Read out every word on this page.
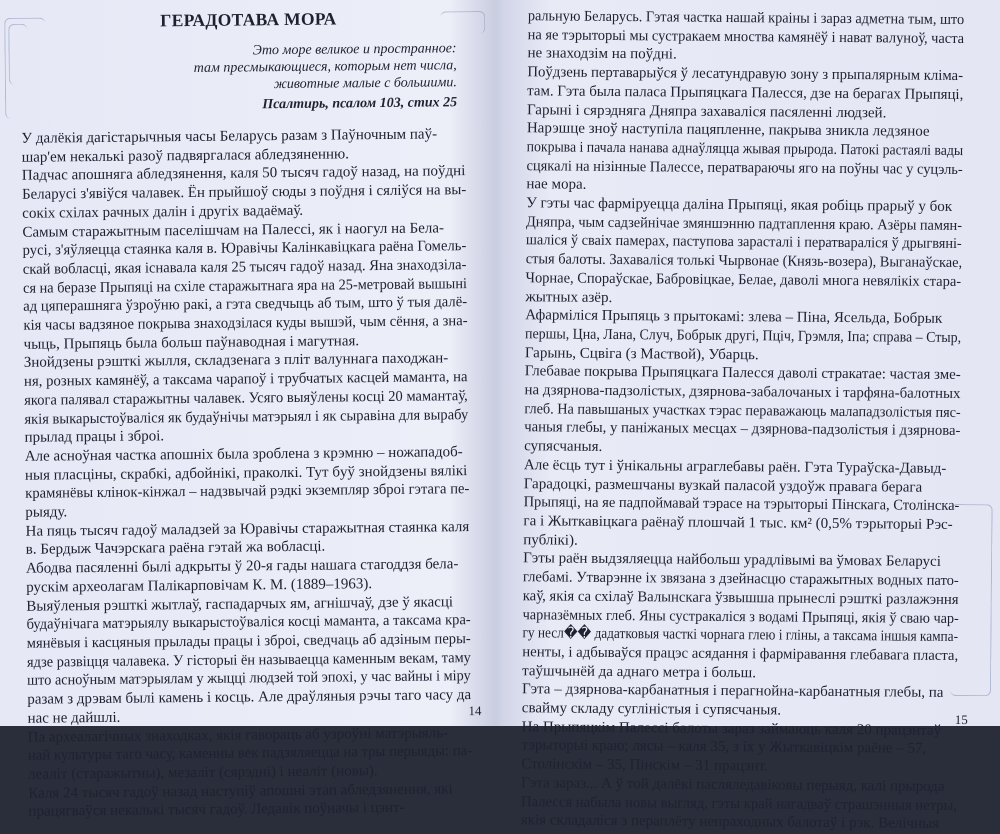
ГЕРАДОТАВА МОРА
Это море великое и пространное:
там пресмыкающиеся, которым нет числа,
животные малые с большими.
Псалтирь, псалом 103, стих 25
У далёкія дагістарычныя часы Беларусь разам з Паўночным паў-
шар'ем некалькі разоў падвяргалася абледзяненню.
Падчас апошняга абледзянення, каля 50 тысяч гадоў назад, на поўдні
Беларусі з'явіўся чалавек. Ён прыйшоў сюды з поўдня і сяліўся на вы-
сокіх схілах рачных далін і другіх вадаёмаў.
Самым старажытным паселішчам на Палессі, як і наогул на Бела-
русі, з'яўляецца стаянка каля в. Юравічы Калінкавіцкага раёна Гомель-
скай вобласці, якая існавала каля 25 тысяч гадоў назад. Яна знаходзіла-
ся на беразе Прыпяці на схіле старажытнага яра на 25-метровай вышыні
ад цяперашняга ўзроўню ракі, а гэта сведчыць аб тым, што ў тыя далё-
кія часы вадзяное покрыва знаходзілася куды вышэй, чым сёння, а зна-
чыць, Прыпяць была больш паўнаводная і магутная.
Знойдзены рэшткі жылля, складзенага з пліт валуннага паходжан-
ня, розных камянёў, а таксама чарапоў і трубчатых касцей маманта, на
якога палявал старажытны чалавек. Усяго выяўлены косці 20 мамантаў,
якія выкарыстоўваліся як будаўнічы матэрыял і як сыравіна для вырабу
прылад працы і зброі.
Але асноўная частка апошніх была зроблена з крэмню – ножападоб-
ныя пласціны, скрабкі, адбойнікі, праколкі. Тут бyў знойдзены вялікі
крамянёвы клінок-кінжал – надзвычай рэдкі экземпляр зброі гэтага пе-
рыяду.
На пяць тысяч гадоў маладзей за Юравічы старажытная стаянка каля
в. Бердыж Чачэрскага раёна гэтай жа вобласці.
Абодва пасяленні былі адкрыты ў 20-я гады нашага стагоддзя бела-
рускім археолагам Палікарповічам К. М. (1889–1963).
Выяўленыя рэшткі жытлаў, гаспадарчых ям, агнішчаў, дзе ў якасці
будаўнічага матэрыялу выкарыстоўваліся косці маманта, а таксама кра-
мянёвыя і касцяныя прылады працы і зброі, сведчаць аб адзіным перы-
ядзе развіцця чалавека. У гісторыі ён называецца каменным векам, таму
што асноўным матэрыялам у жыцці людзей той эпохі, у час вайны і міру
разам з дрэвам былі камень і косць. Але драўляныя рэчы таго часу да
нас не дайшлі.
Па археалагічных знаходках, якія гавораць аб узроўні матэрыяль-
най культуры таго часу, каменны век падзяляецца на тры перыяды: па-
леаліт (старажытны), мезаліт (сярэдні) і неаліт (новы).
Каля 24 тысяч гадоў назад наступіў апошні этап абледзянення, які
працягваўся некалькі тысяч гадоў. Ледавік поўначы і цэнт-
14
ральную Беларусь. Гэтая частка нашай краіны і зараз адметна тым, што
на яе тэрыторыі мы сустракаем мноства камянёў і нават валуноў, часта
не знаходзім на поўдні.
Поўдзень пертаварыўся ў лесатундравую зону з прыпалярным кліма-
там. Гэта была паласа Прыпяцкага Палесся, дзе на берагах Прыпяці,
Гарыні і сярэдняга Дняпра захаваліся пасяленні людзей.
Нарэшце зноў наступіла пацяпленне, пакрыва зникла ледзяное
покрыва і пачала нанава аднаўляцца жывая прырода. Патокі растаялі вады
сцякалі на нізінные Палессе, ператвараючы яго на поўны час у суцэль-
нае мора.
У гэты час фарміруецца даліна Прыпяці, якая робіць прарыў у бок
Дняпра, чым садзейнічае змяншэнню падтаплення краю. Азёры памян-
шаліся ў сваіх памерах, паступова зарасталі і ператвараліся ў дрыгвяні-
стыя балоты. Захаваліся толькі Чырвонае (Князь-возера), Выганаўскае,
Чорнае, Спораўскае, Бабровіцкае, Белае, даволі многа невялікіх стара-
жытных азёр.
Афарміліся Прыпяць з прытокамі: злева – Піна, Ясельда, Бобрык
першы, Цна, Лана, Случ, Бобрык другі, Пціч, Грэмля, Іпа; справа – Стыр,
Гарынь, Сцвіга (з Маствой), Убарць.
Глебавае покрыва Прыпяцкага Палесся даволі стракатае: частая зме-
на дзярнова-падзолістых, дзярнова-забалочаных і тарфяна-балотных
глеб. На павышаных участках тэрас пераважаюць малападзолістыя пяс-
чаныя глебы, у паніжаных месцах – дзярнова-падзолістыя і дзярнова-
супясчаныя.
Але ёсць тут і ўнікальны аграглебавы раён. Гэта Тураўска-Давыд-
Гарадоцкі, размешчаны вузкай паласой уздоўж правага берага
Прыпяці, на яе падпоймавай тэрасе на тэрыторыі Пінскага, Столінска-
га і Жыткавіцкага раёнаў плошчай 1 тыс. км² (0,5% тэрыторыі Рэс-
публікі).
Гэты раён выдзяляецца найбольш урадлівымі ва ўмовах Беларусі
глебамі. Утварэнне іх звязана з дзейнасцю старажытных водных пато-
каў, якія са схілаў Валынскага ўзвышша прынеслі рэшткі разлажэння
чарназёмных глеб. Яны сустракаліся з водамі Прыпяці, якія ў сваю чар-
гу несл�� дадатковыя часткі чорнага глею і гліны, а таксама іншыя кампа-
ненты, і адбываўся працэс асядання і фарміравання глебавага пласта,
таўшчынёй да аднаго метра і больш.
Гэта – дзярнова-карбанатныя і перагнойна-карбанатныя глебы, па
свайму складу суглiністыя і супясчаныя.
На Прыпяцкім Палессі балоты зараз займаюць каля 20 працэнтаў
тэрыторыі краю; лясы – каля 35, з іх у Жыткавіцкім раёне – 57,
Столінскім – 35, Пінскім – 31 працэнт.
Гэта зараз... А ў той далёкі пасляледавіковы перыяд, калі прырода
Палесся набыла новы выгляд, гэты край нагадваў страшэнныя нетры,
якія складаліся з пераплёту непраходных балотаў і рэк. Велічныя
15
